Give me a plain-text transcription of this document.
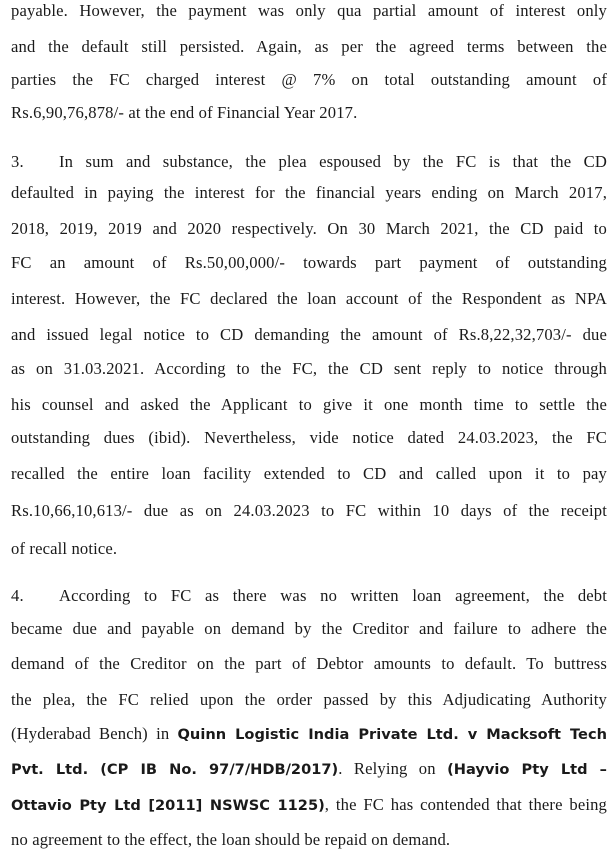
payable. However, the payment was only qua partial amount of interest only
and the default still persisted. Again, as per the agreed terms between the
parties the FC charged interest @ 7% on total outstanding amount of
Rs.6,90,76,878/- at the end of Financial Year 2017.
3. In sum and substance, the plea espoused by the FC is that the CD
defaulted in paying the interest for the financial years ending on March 2017,
2018, 2019, 2019 and 2020 respectively. On 30 March 2021, the CD paid to
FC an amount of Rs.50,00,000/- towards part payment of outstanding
interest. However, the FC declared the loan account of the Respondent as NPA
and issued legal notice to CD demanding the amount of Rs.8,22,32,703/- due
as on 31.03.2021. According to the FC, the CD sent reply to notice through
his counsel and asked the Applicant to give it one month time to settle the
outstanding dues (ibid). Nevertheless, vide notice dated 24.03.2023, the FC
recalled the entire loan facility extended to CD and called upon it to pay
Rs.10,66,10,613/- due as on 24.03.2023 to FC within 10 days of the receipt
of recall notice.
4. According to FC as there was no written loan agreement, the debt
became due and payable on demand by the Creditor and failure to adhere the
demand of the Creditor on the part of Debtor amounts to default. To buttress
the plea, the FC relied upon the order passed by this Adjudicating Authority
(Hyderabad Bench) in Quinn Logistic India Private Ltd. v Macksoft Tech
Pvt. Ltd. (CP IB No. 97/7/HDB/2017). Relying on (Hayvio Pty Ltd –
Ottavio Pty Ltd [2011] NSWSC 1125), the FC has contended that there being
no agreement to the effect, the loan should be repaid on demand.
